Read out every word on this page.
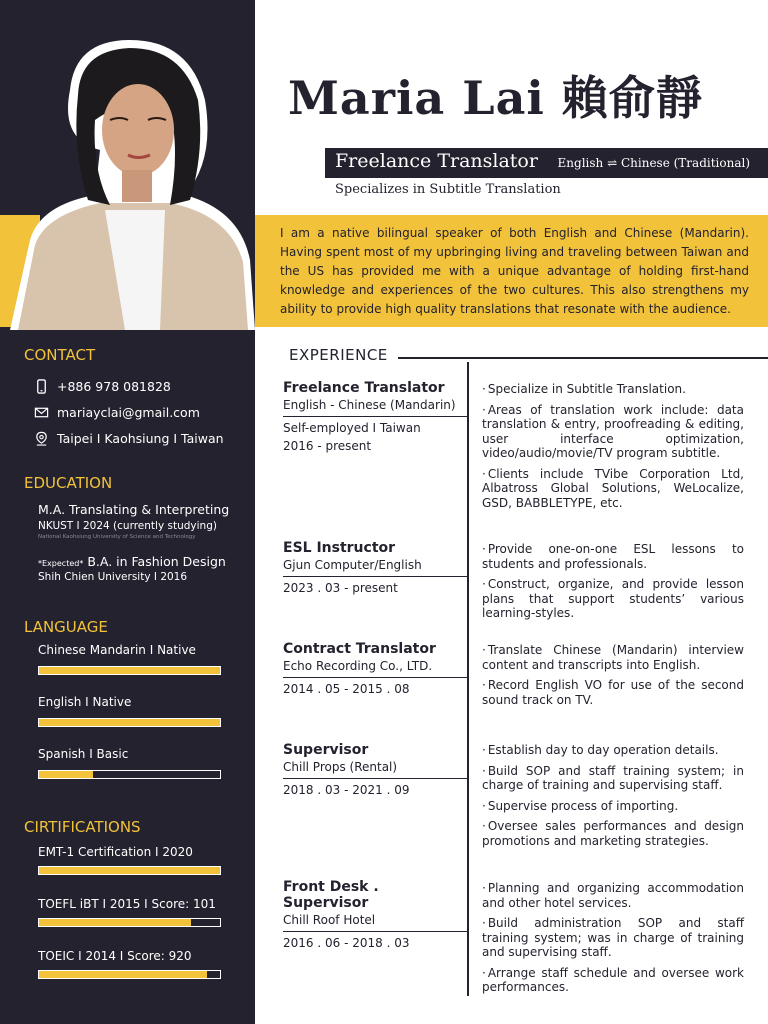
Maria Lai 賴俞靜
Freelance Translator English ⇌ Chinese (Traditional)
Specializes in Subtitle Translation
I am a native bilingual speaker of both English and Chinese (Mandarin). Having spent most of my upbringing living and traveling between Taiwan and the US has provided me with a unique advantage of holding first-hand knowledge and experiences of the two cultures. This also strengthens my ability to provide high quality translations that resonate with the audience.
CONTACT
+886 978 081828
mariayclai@gmail.com
Taipei I Kaohsiung I Taiwan
EDUCATION
M.A. Translating & Interpreting
NKUST I 2024 (currently studying)
National Kaohsiung University of Science and Technology
*Expected* B.A. in Fashion Design
Shih Chien University I 2016
LANGUAGE
Chinese Mandarin I Native
English I Native
Spanish I Basic
CIRTIFICATIONS
EMT-1 Certification I 2020
TOEFL iBT I 2015 I Score: 101
TOEIC I 2014 I Score: 920
EXPERIENCE
Freelance Translator
English - Chinese (Mandarin)
Self-employed I Taiwan
2016 - present
· Specialize in Subtitle Translation.
· Areas of translation work include: data translation & entry, proofreading & editing, user interface optimization, video/audio/movie/TV program subtitle.
· Clients include TVibe Corporation Ltd, Albatross Global Solutions, WeLocalize, GSD, BABBLETYPE, etc.
ESL Instructor
Gjun Computer/English
2023 . 03 - present
· Provide one-on-one ESL lessons to students and professionals.
· Construct, organize, and provide lesson plans that support students’ various learning-styles.
Contract Translator
Echo Recording Co., LTD.
2014 . 05 - 2015 . 08
· Translate Chinese (Mandarin) interview content and transcripts into English.
· Record English VO for use of the second sound track on TV.
Supervisor
Chill Props (Rental)
2018 . 03 - 2021 . 09
· Establish day to day operation details.
· Build SOP and staff training system; in charge of training and supervising staff.
· Supervise process of importing.
· Oversee sales performances and design promotions and marketing strategies.
Front Desk . Supervisor
Chill Roof Hotel
2016 . 06 - 2018 . 03
· Planning and organizing accommodation and other hotel services.
· Build administration SOP and staff training system; was in charge of training and supervising staff.
· Arrange staff schedule and oversee work performances.
